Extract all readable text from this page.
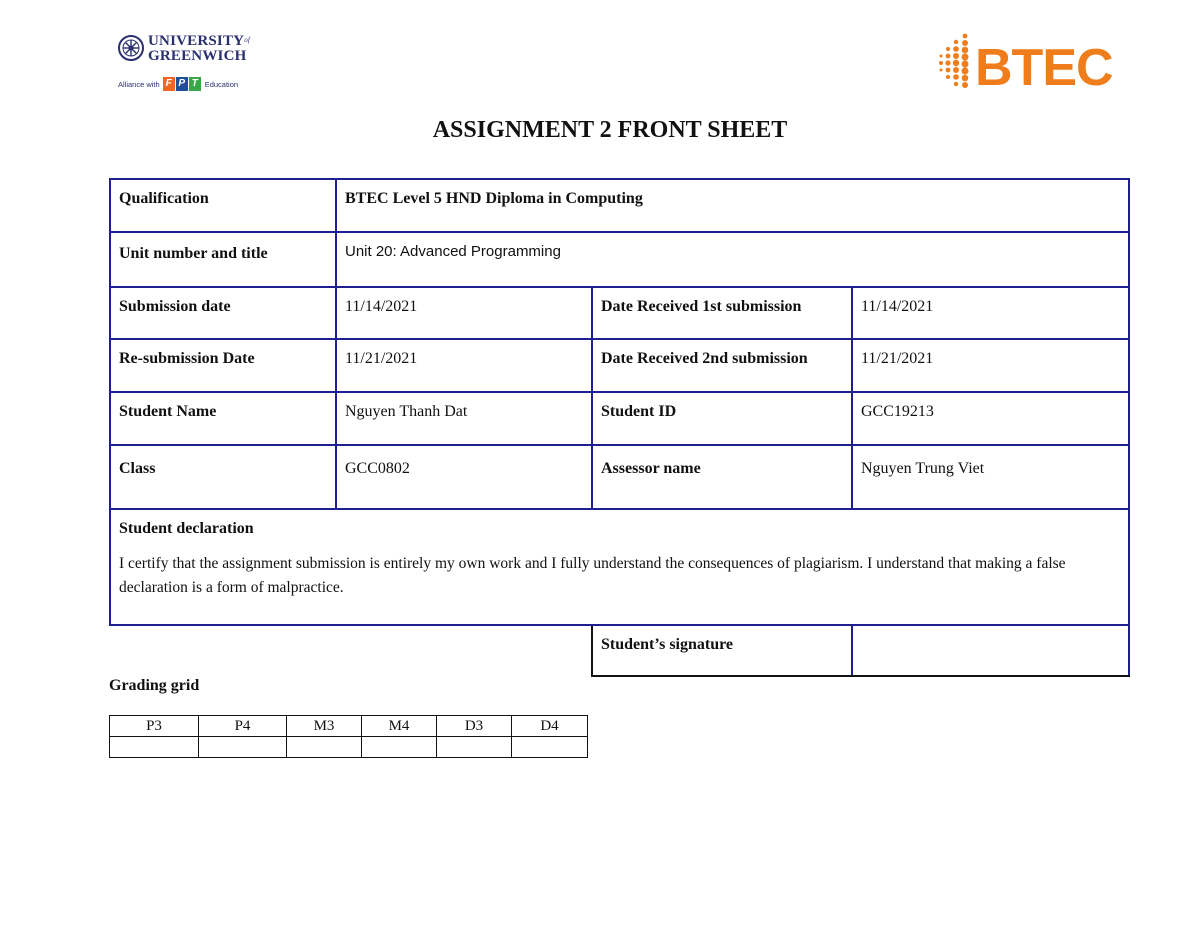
$UNIVERSITY^{of}$
GREENWICH
Alliance with F P T Education	BTEC
ASSIGNMENT 2 FRONT SHEET
Qualification	BTEC Level 5 HND Diploma in Computing		
Unit number and title	Unit 20: Advanced Programming		
Submission date	11/14/2021	Date Received 1st submission	11/14/2021
Re-submission Date	11/21/2021	Date Received 2nd submission	11/21/2021
Student Name	Nguyen Thanh Dat	Student ID	GCC19213
Class	GCC0802	Assessor name	Nguyen Trung Viet

Student declaration
I certify that the assignment submission is entirely my own work and I fully understand the consequences of plagiarism. I understand that making a false declaration is a form of malpractice.			

		Student’s signature	
Grading grid
P3	P4	M3	M4	D3	D4
